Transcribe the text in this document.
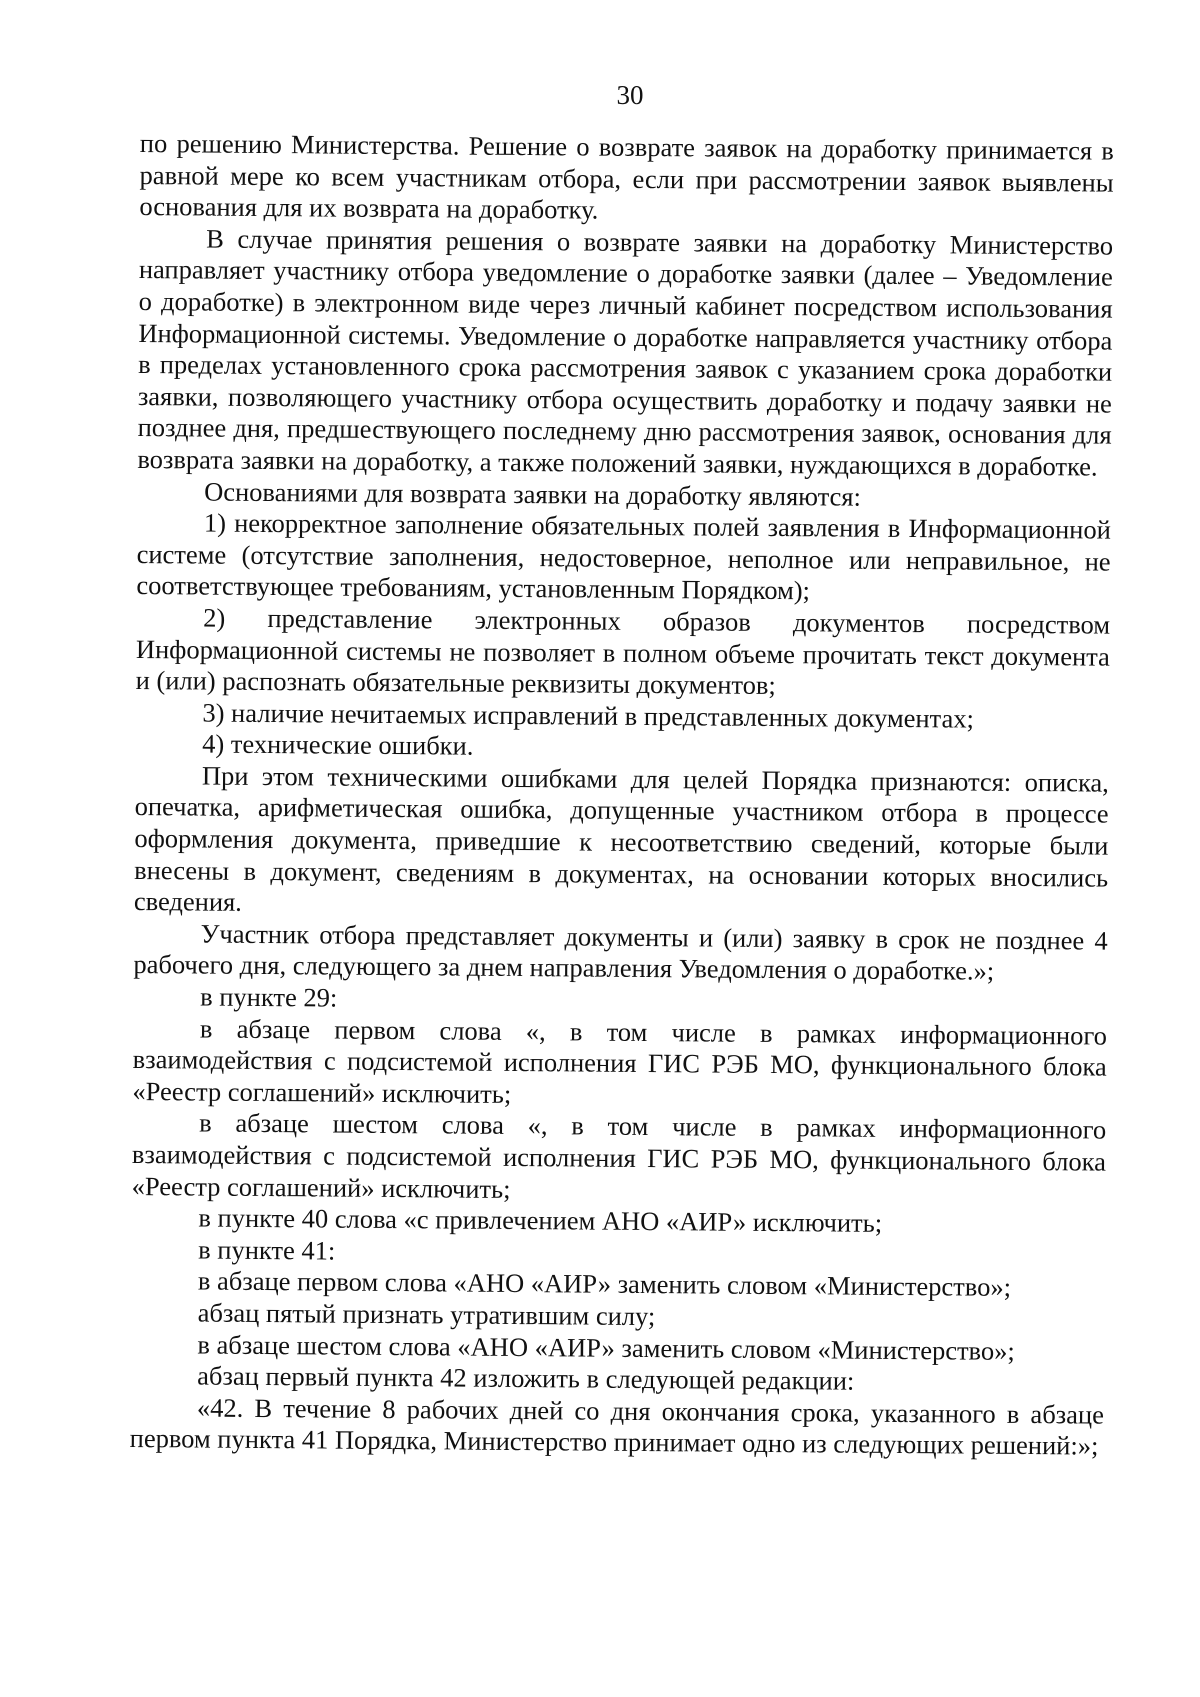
30

по решению Министерства. Решение о возврате заявок на доработку принимается в равной мере ко всем участникам отбора, если при рассмотрении заявок выявлены основания для их возврата на доработку.

В случае принятия решения о возврате заявки на доработку Министерство направляет участнику отбора уведомление о доработке заявки (далее – Уведомление о доработке) в электронном виде через личный кабинет посредством использования Информационной системы. Уведомление о доработке направляется участнику отбора в пределах установленного срока рассмотрения заявок с указанием срока доработки заявки, позволяющего участнику отбора осуществить доработку и подачу заявки не позднее дня, предшествующего последнему дню рассмотрения заявок, основания для возврата заявки на доработку, а также положений заявки, нуждающихся в доработке.

Основаниями для возврата заявки на доработку являются:

1) некорректное заполнение обязательных полей заявления в Информационной системе (отсутствие заполнения, недостоверное, неполное или неправильное, не соответствующее требованиям, установленным Порядком);

2) представление электронных образов документов посредством Информационной системы не позволяет в полном объеме прочитать текст документа и (или) распознать обязательные реквизиты документов;

3) наличие нечитаемых исправлений в представленных документах;

4) технические ошибки.

При этом техническими ошибками для целей Порядка признаются: описка, опечатка, арифметическая ошибка, допущенные участником отбора в процессе оформления документа, приведшие к несоответствию сведений, которые были внесены в документ, сведениям в документах, на основании которых вносились сведения.

Участник отбора представляет документы и (или) заявку в срок не позднее 4 рабочего дня, следующего за днем направления Уведомления о доработке.»;

в пункте 29:

в абзаце первом слова «, в том числе в рамках информационного взаимодействия с подсистемой исполнения ГИС РЭБ МО, функционального блока «Реестр соглашений» исключить;

в абзаце шестом слова «, в том числе в рамках информационного взаимодействия с подсистемой исполнения ГИС РЭБ МО, функционального блока «Реестр соглашений» исключить;

в пункте 40 слова «с привлечением АНО «АИР» исключить;

в пункте 41:

в абзаце первом слова «АНО «АИР» заменить словом «Министерство»;

абзац пятый признать утратившим силу;

в абзаце шестом слова «АНО «АИР» заменить словом «Министерство»;

абзац первый пункта 42 изложить в следующей редакции:

«42. В течение 8 рабочих дней со дня окончания срока, указанного в абзаце первом пункта 41 Порядка, Министерство принимает одно из следующих решений:»;
